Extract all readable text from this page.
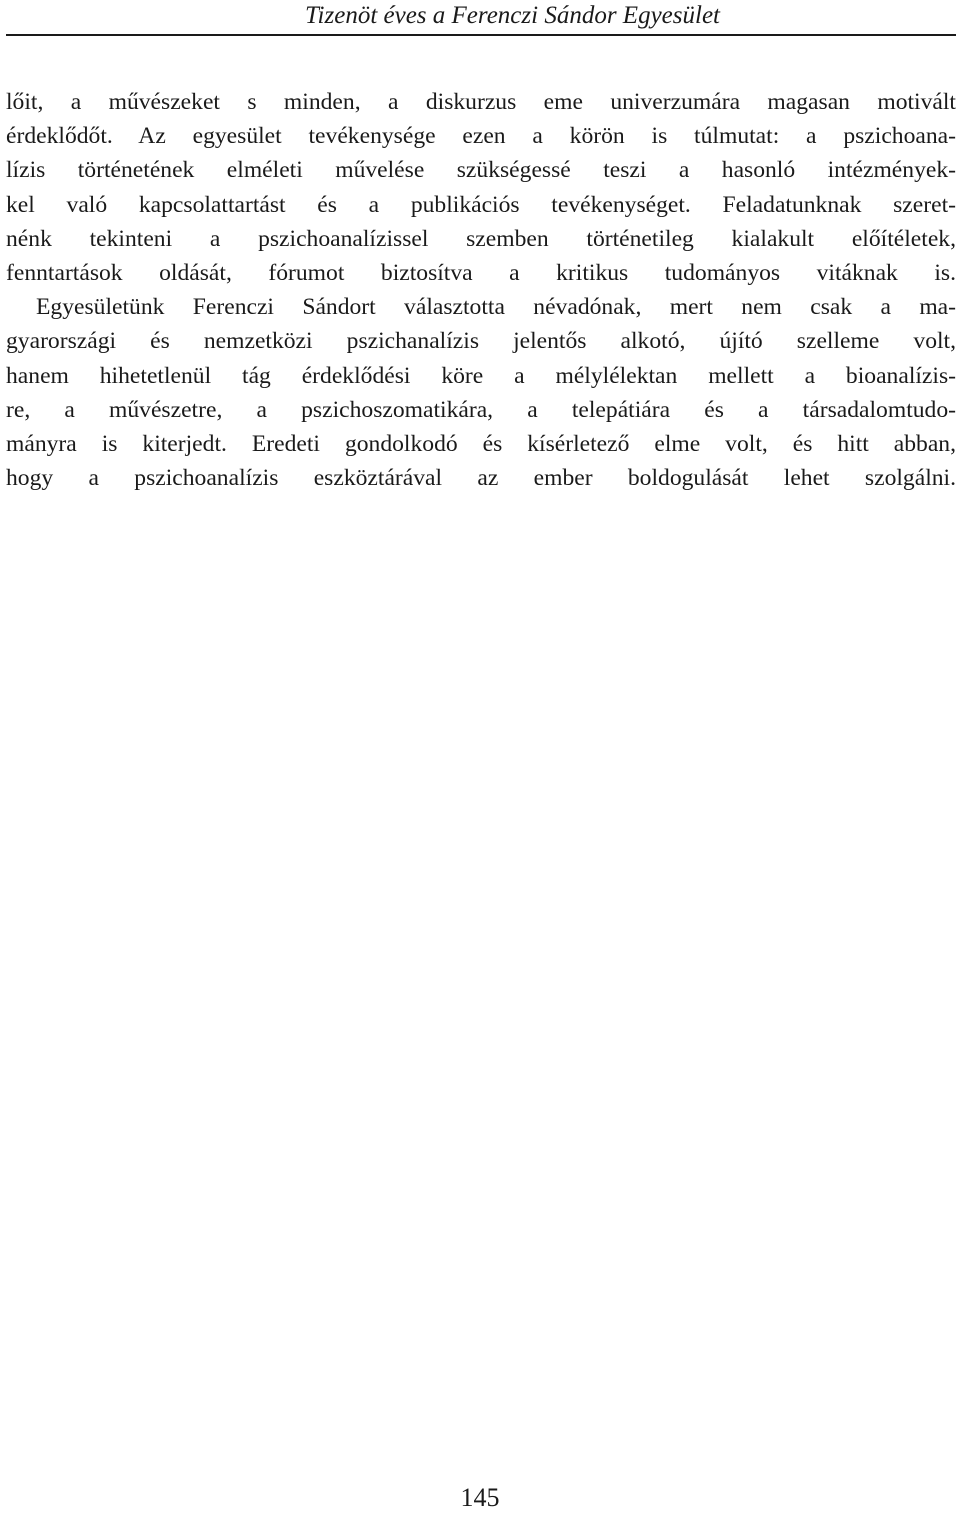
Tizenöt éves a Ferenczi Sándor Egyesület
lőit, a művészeket s minden, a diskurzus eme univerzumára magasan motivált
érdeklődőt. Az egyesület tevékenysége ezen a körön is túlmutat: a pszichoana-
lízis történetének elméleti művelése szükségessé teszi a hasonló intézmények-
kel való kapcsolattartást és a publikációs tevékenységet. Feladatunknak szeret-
nénk tekinteni a pszichoanalízissel szemben történetileg kialakult előítéletek,
fenntartások oldását, fórumot biztosítva a kritikus tudományos vitáknak is.
Egyesületünk Ferenczi Sándort választotta névadónak, mert nem csak a ma-
gyarországi és nemzetközi pszichanalízis jelentős alkotó, újító szelleme volt,
hanem hihetetlenül tág érdeklődési köre a mélylélektan mellett a bioanalízis-
re, a művészetre, a pszichoszomatikára, a telepátiára és a társadalomtudo-
mányra is kiterjedt. Eredeti gondolkodó és kísérletező elme volt, és hitt abban,
hogy a pszichoanalízis eszköztárával az ember boldogulását lehet szolgálni.
145
